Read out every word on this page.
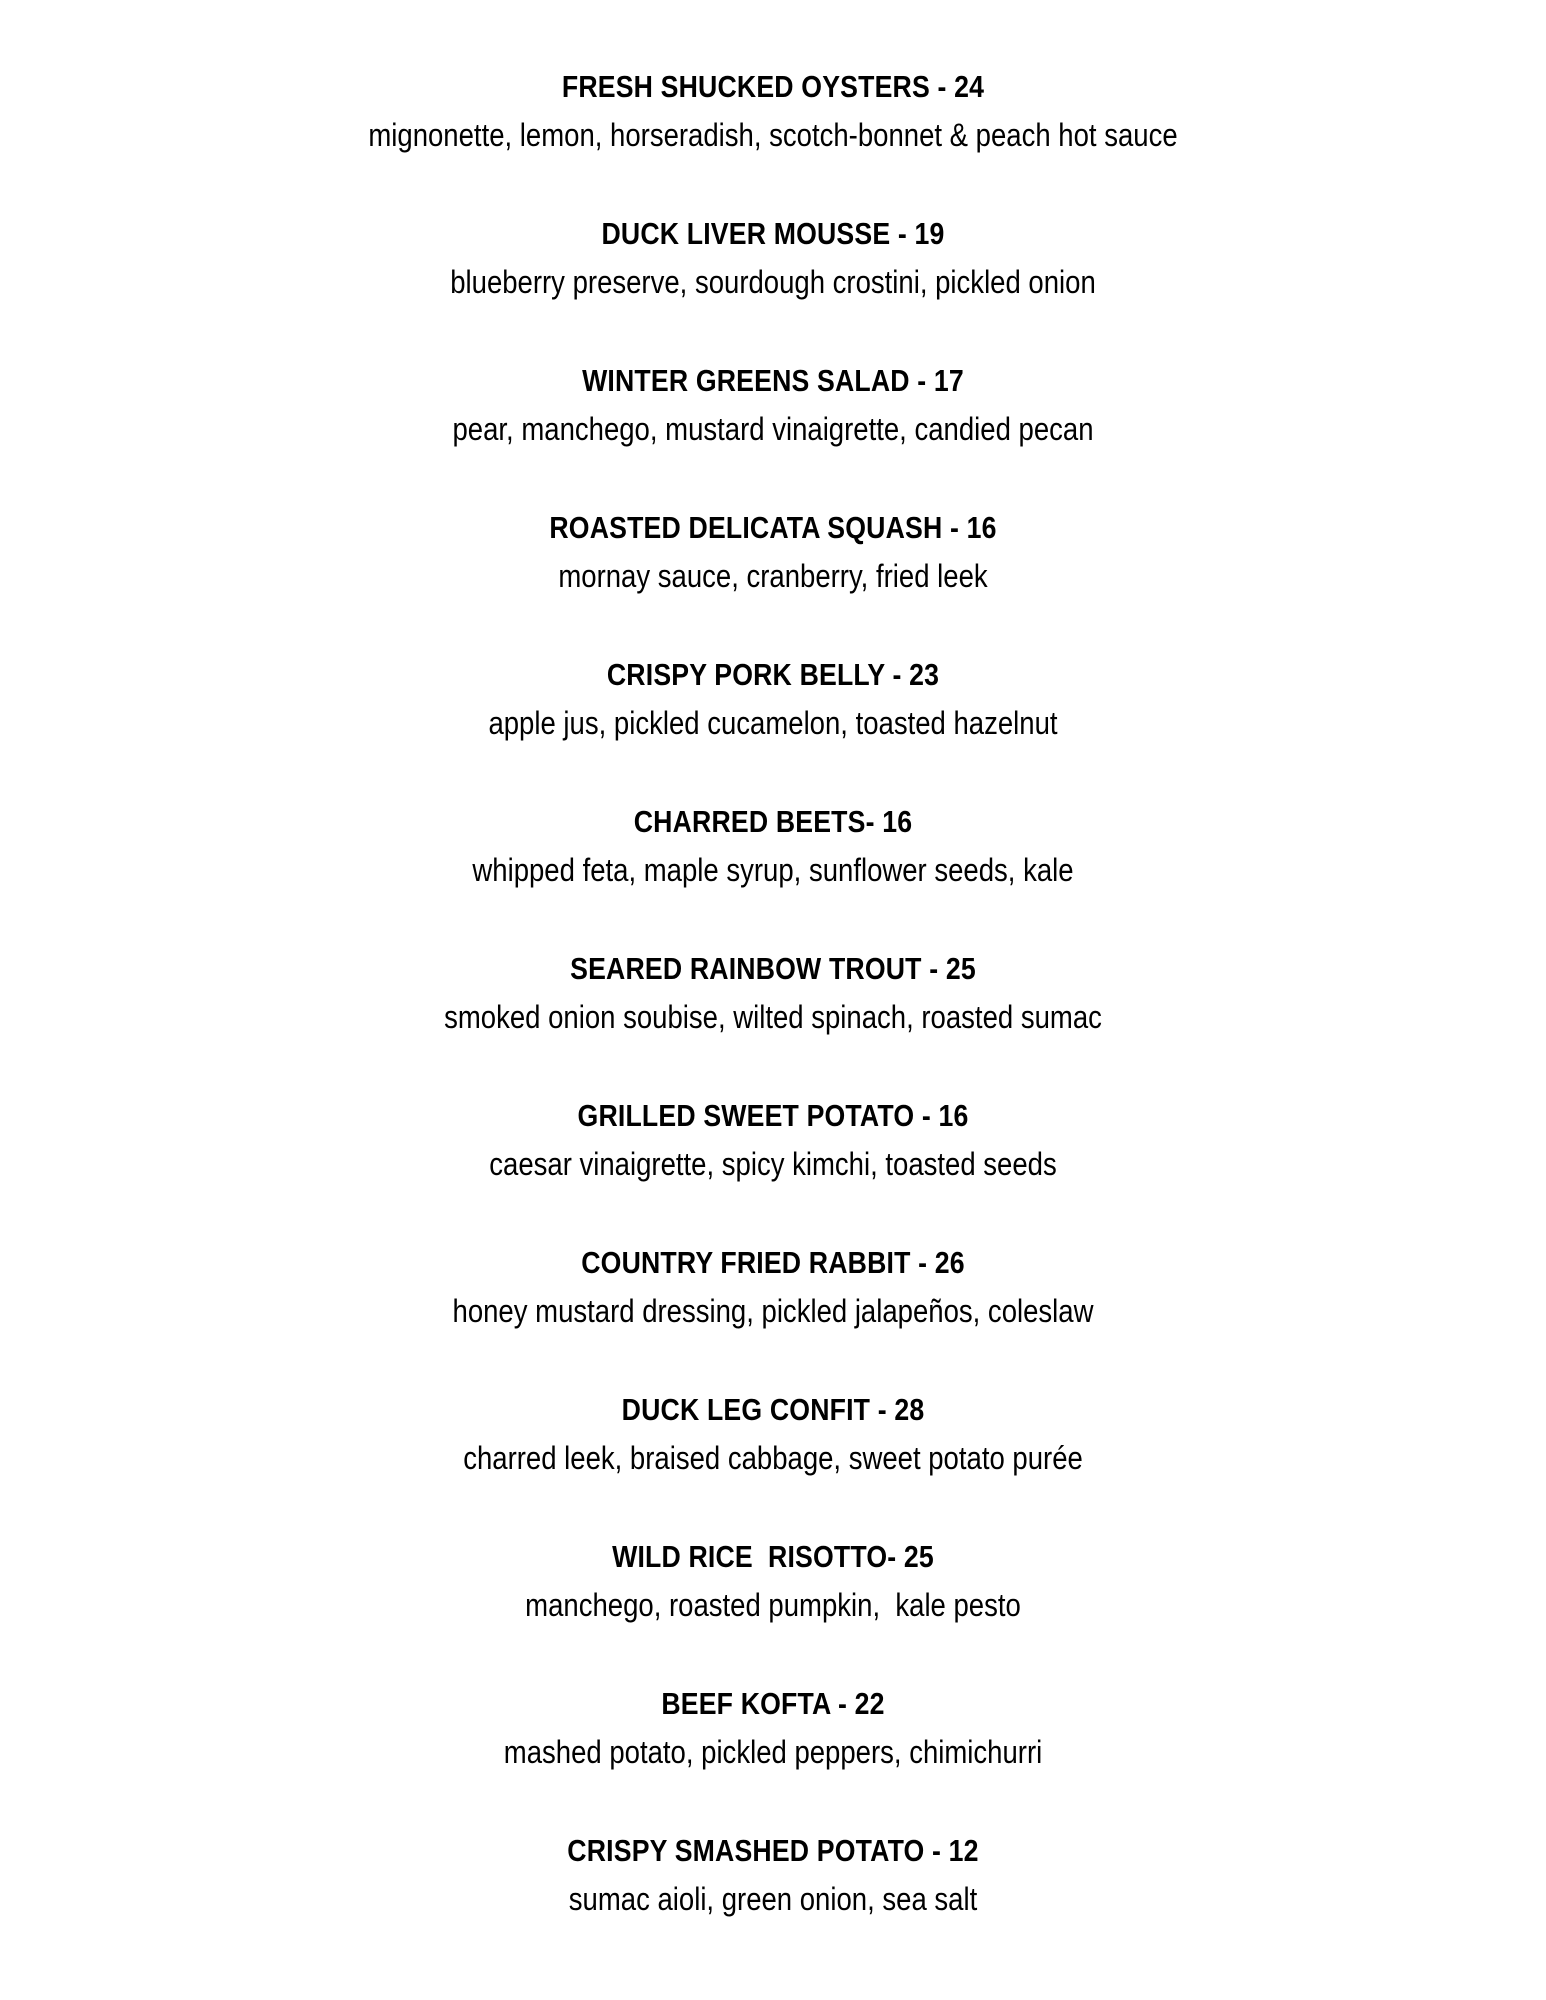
FRESH SHUCKED OYSTERS - 24
mignonette, lemon, horseradish, scotch-bonnet & peach hot sauce
DUCK LIVER MOUSSE - 19
blueberry preserve, sourdough crostini, pickled onion
WINTER GREENS SALAD - 17
pear, manchego, mustard vinaigrette, candied pecan
ROASTED DELICATA SQUASH - 16
mornay sauce, cranberry, fried leek
CRISPY PORK BELLY - 23
apple jus, pickled cucamelon, toasted hazelnut
CHARRED BEETS- 16
whipped feta, maple syrup, sunflower seeds, kale
SEARED RAINBOW TROUT - 25
smoked onion soubise, wilted spinach, roasted sumac
GRILLED SWEET POTATO - 16
caesar vinaigrette, spicy kimchi, toasted seeds
COUNTRY FRIED RABBIT - 26
honey mustard dressing, pickled jalapeños, coleslaw
DUCK LEG CONFIT - 28
charred leek, braised cabbage, sweet potato purée
WILD RICE  RISOTTO- 25
manchego, roasted pumpkin,  kale pesto
BEEF KOFTA - 22
mashed potato, pickled peppers, chimichurri
CRISPY SMASHED POTATO - 12
sumac aioli, green onion, sea salt
